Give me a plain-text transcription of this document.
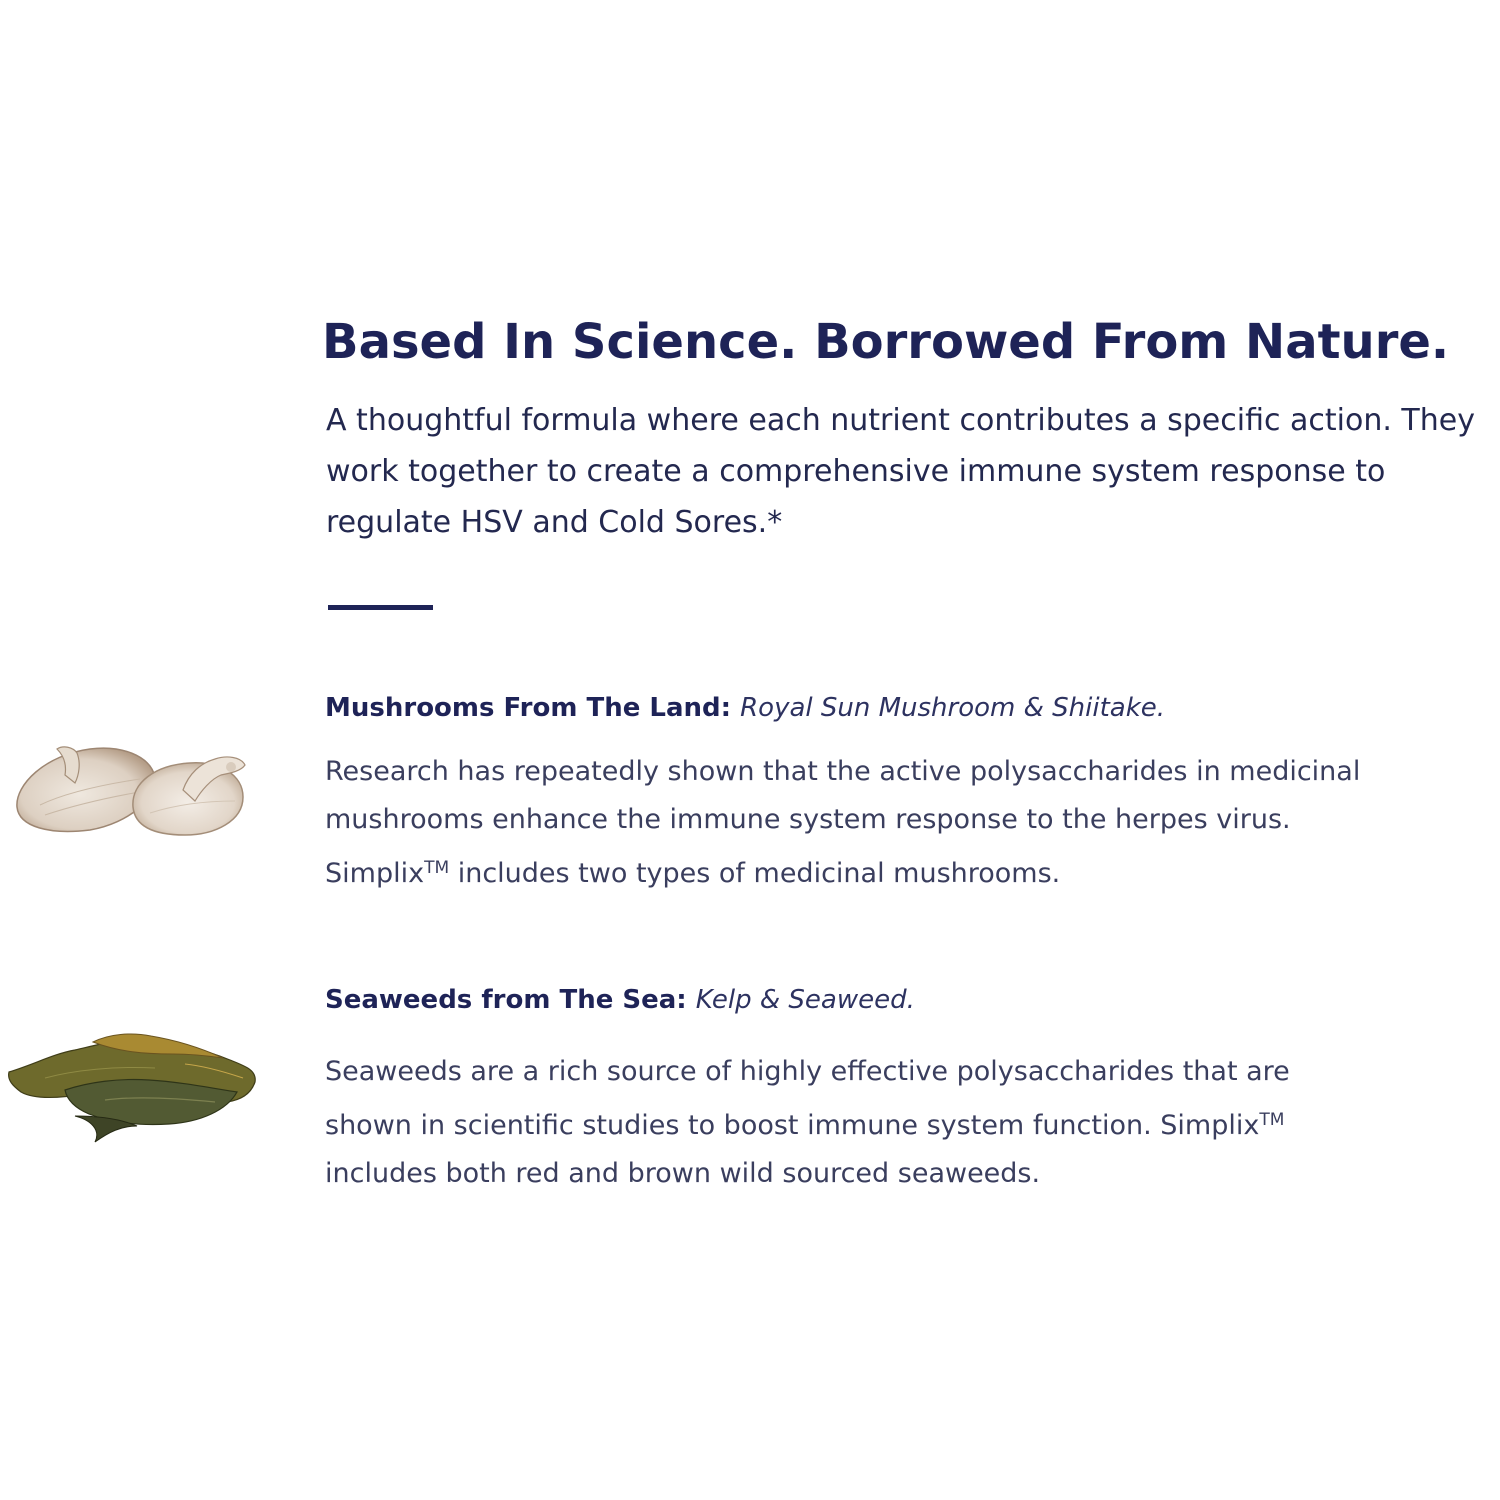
Based In Science. Borrowed From Nature.

A thoughtful formula where each nutrient contributes a specific action. They work together to create a comprehensive immune system response to regulate HSV and Cold Sores.*

Mushrooms From The Land: Royal Sun Mushroom & Shiitake.
Research has repeatedly shown that the active polysaccharides in medicinal
mushrooms enhance the immune system response to the herpes virus.
Simplix™ includes two types of medicinal mushrooms.
Seaweeds from The Sea: Kelp & Seaweed.
Seaweeds are a rich source of highly effective polysaccharides that are
shown in scientific studies to boost immune system function. Simplix™
includes both red and brown wild sourced seaweeds.
